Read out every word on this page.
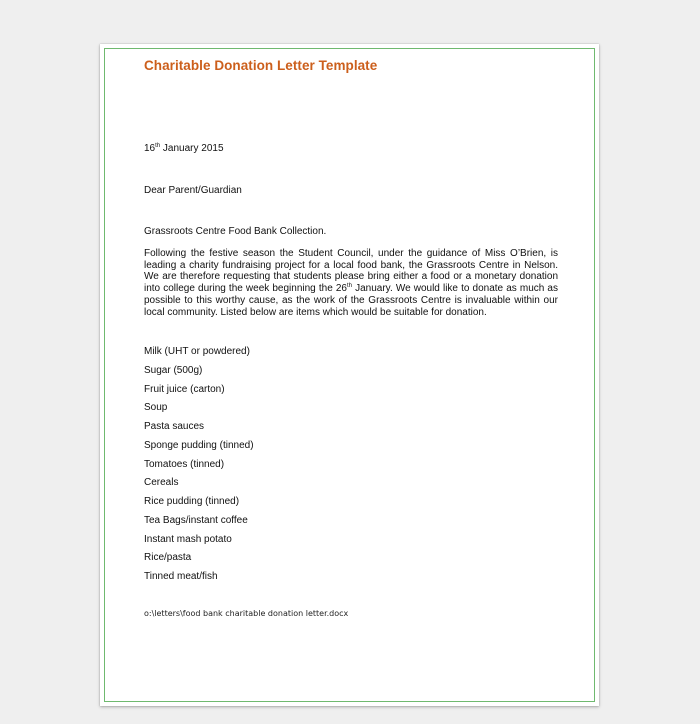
Charitable Donation Letter Template
16th January 2015
Dear Parent/Guardian
Grassroots Centre Food Bank Collection.
Following the festive season the Student Council, under the guidance of Miss O’Brien, is
leading a charity fundraising project for a local food bank, the Grassroots Centre in Nelson.
We are therefore requesting that students please bring either a food or a monetary donation
into college during the week beginning the 26th January. We would like to donate as much as
possible to this worthy cause, as the work of the Grassroots Centre is invaluable within our
local community. Listed below are items which would be suitable for donation.
Milk (UHT or powdered)
Sugar (500g)
Fruit juice (carton)
Soup
Pasta sauces
Sponge pudding (tinned)
Tomatoes (tinned)
Cereals
Rice pudding (tinned)
Tea Bags/instant coffee
Instant mash potato
Rice/pasta
Tinned meat/fish
o:\letters\food bank charitable donation letter.docx
